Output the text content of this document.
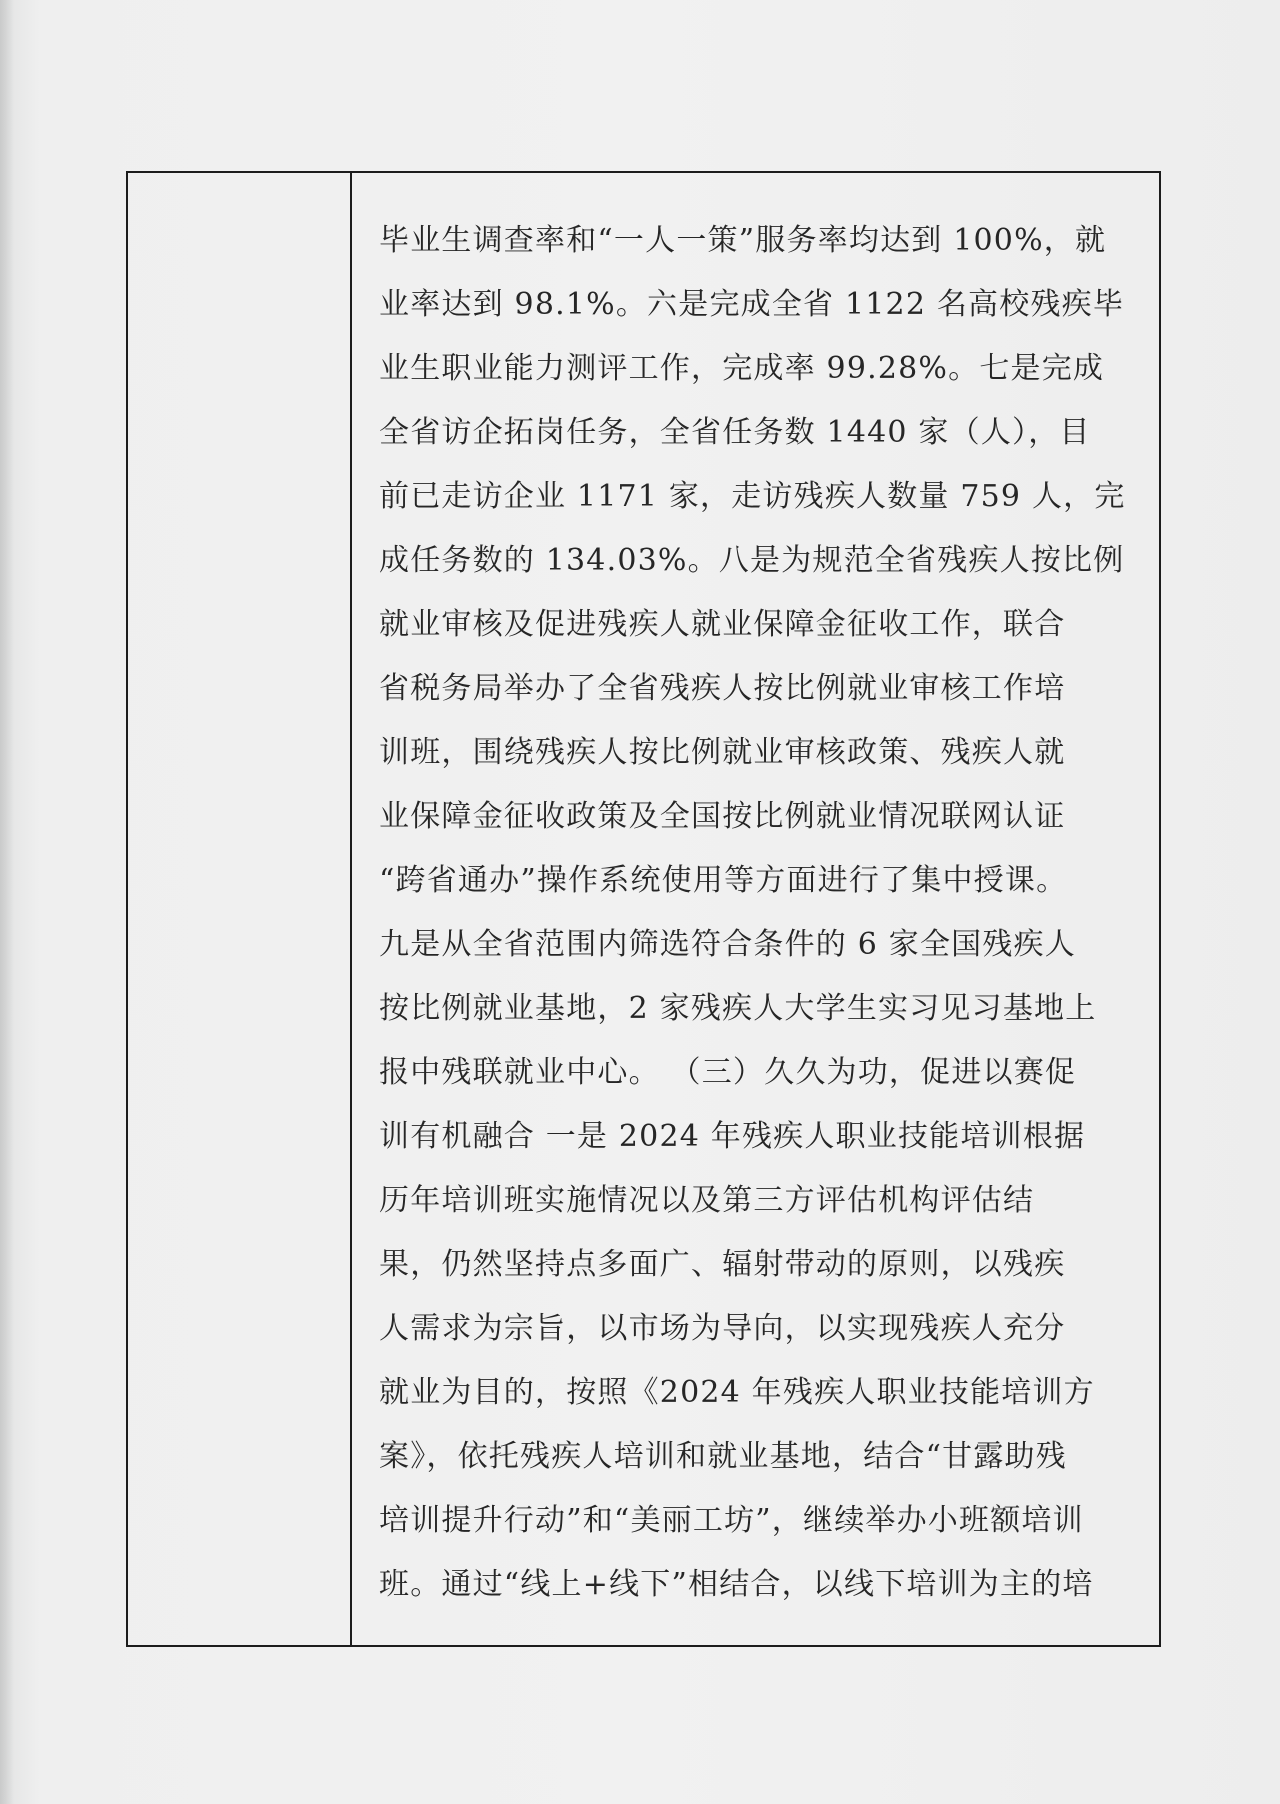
毕业生调查率和“一人一策”服务率均达到 100%，就
业率达到 98.1%。六是完成全省 1122 名高校残疾毕
业生职业能力测评工作，完成率 99.28%。七是完成
全省访企拓岗任务，全省任务数 1440 家（人），目
前已走访企业 1171 家，走访残疾人数量 759 人，完
成任务数的 134.03%。八是为规范全省残疾人按比例
就业审核及促进残疾人就业保障金征收工作，联合
省税务局举办了全省残疾人按比例就业审核工作培
训班，围绕残疾人按比例就业审核政策、残疾人就
业保障金征收政策及全国按比例就业情况联网认证
“跨省通办”操作系统使用等方面进行了集中授课。
九是从全省范围内筛选符合条件的 6 家全国残疾人
按比例就业基地，2 家残疾人大学生实习见习基地上
报中残联就业中心。 （三）久久为功，促进以赛促
训有机融合 一是 2024 年残疾人职业技能培训根据
历年培训班实施情况以及第三方评估机构评估结
果，仍然坚持点多面广、辐射带动的原则，以残疾
人需求为宗旨，以市场为导向，以实现残疾人充分
就业为目的，按照《2024 年残疾人职业技能培训方
案》，依托残疾人培训和就业基地，结合“甘露助残
培训提升行动”和“美丽工坊”，继续举办小班额培训
班。通过“线上+线下”相结合，以线下培训为主的培
